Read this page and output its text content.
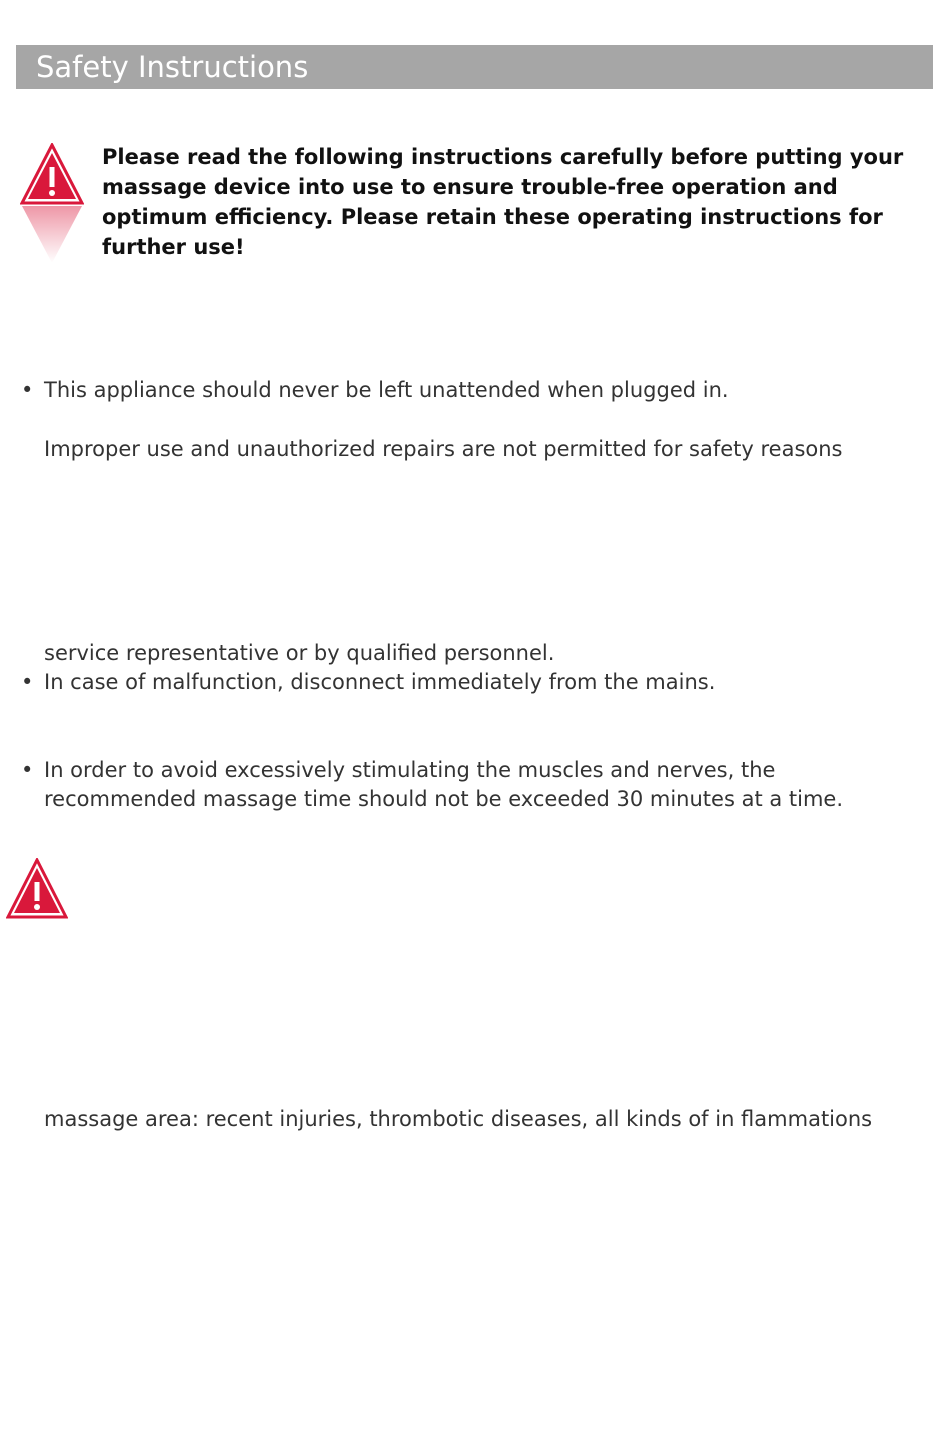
Safety Instructions

Please read the following instructions carefully before putting your massage device into use to ensure trouble-free operation and optimum efficiency. Please retain these operating instructions for further use!

• This appliance should never be left unattended when plugged in.

Improper use and unauthorized repairs are not permitted for safety reasons

service representative or by qualified personnel.

• In case of malfunction, disconnect immediately from the mains.

• In order to avoid excessively stimulating the muscles and nerves, the

recommended massage time should not be exceeded 30 minutes at a time.

massage area: recent injuries, thrombotic diseases, all kinds of in flammations
